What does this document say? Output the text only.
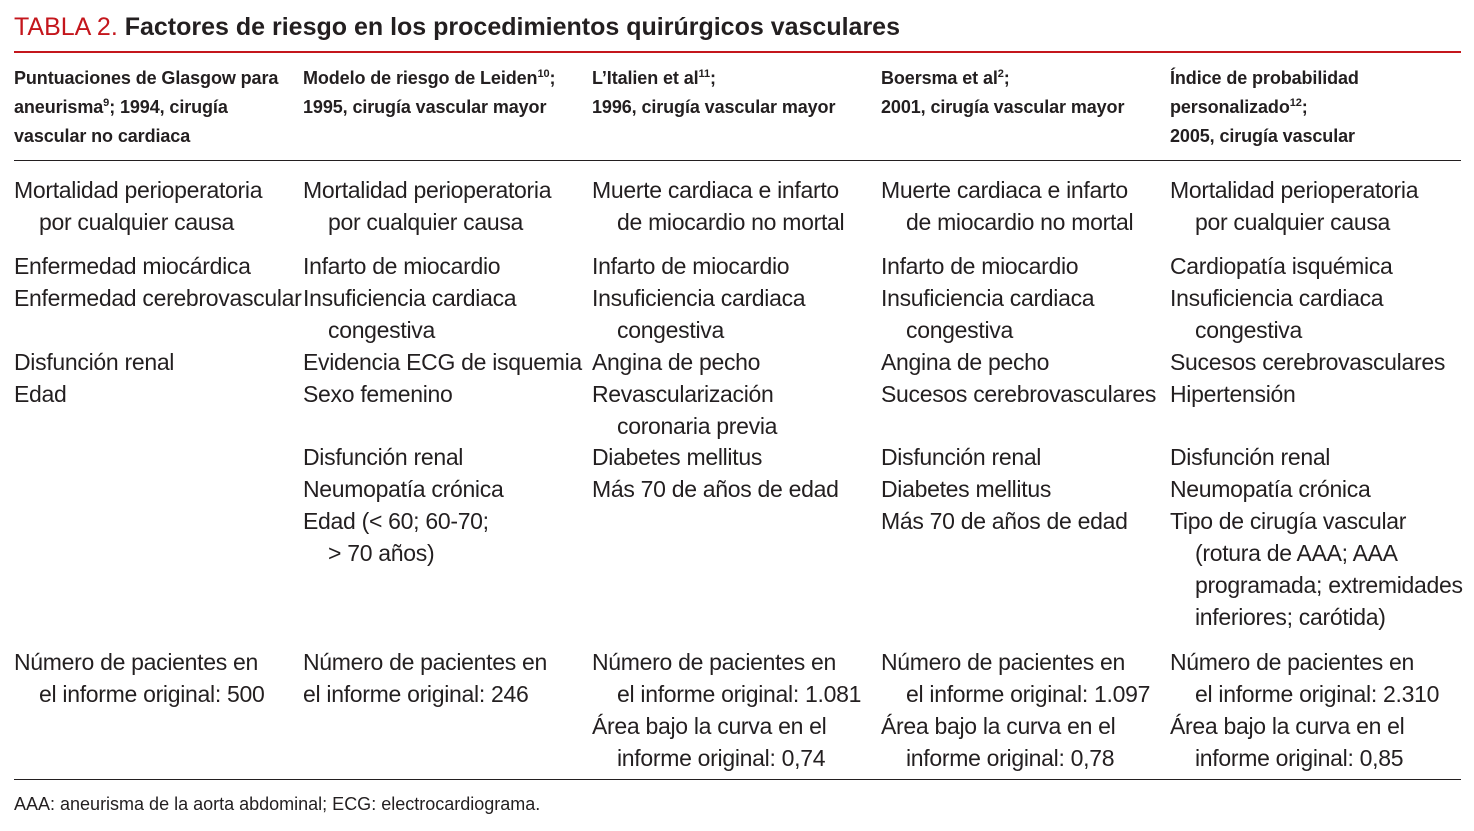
TABLA 2. Factores de riesgo en los procedimientos quirúrgicos vasculares
Puntuaciones de Glasgow para
aneurisma$^9$; 1994, cirugía
vascular no cardiaca
Modelo de riesgo de Leiden$^{10}$;
1995, cirugía vascular mayor
L’Italien et $al^{11}$;
1996, cirugía vascular mayor
Boersma et $al^2$;
2001, cirugía vascular mayor
Índice de probabilidad
personalizado$^{12}$;
2005, cirugía vascular
Mortalidad perioperatoria
por cualquier causa
Mortalidad perioperatoria
por cualquier causa
Muerte cardiaca e infarto
de miocardio no mortal
Muerte cardiaca e infarto
de miocardio no mortal
Mortalidad perioperatoria
por cualquier causa
Enfermedad miocárdica
Enfermedad cerebrovascular

Disfunción renal
Edad
Infarto de miocardio
Insuficiencia cardiaca
congestiva
Evidencia ECG de isquemia
Sexo femenino
Infarto de miocardio
Insuficiencia cardiaca
congestiva
Angina de pecho
Revascularización
coronaria previa
Infarto de miocardio
Insuficiencia cardiaca
congestiva
Angina de pecho
Sucesos cerebrovasculares
Cardiopatía isquémica
Insuficiencia cardiaca
congestiva
Sucesos cerebrovasculares
Hipertensión
Disfunción renal
Neumopatía crónica
Edad (< 60; 60-70;
> 70 años)
Diabetes mellitus
Más 70 de años de edad
Disfunción renal
Diabetes mellitus
Más 70 de años de edad
Disfunción renal
Neumopatía crónica
Tipo de cirugía vascular
(rotura de AAA; AAA
programada; extremidades
inferiores; carótida)
Número de pacientes en
el informe original: 500
Número de pacientes en
el informe original: 246
Número de pacientes en
el informe original: 1.081
Área bajo la curva en el
informe original: 0,74
Número de pacientes en
el informe original: 1.097
Área bajo la curva en el
informe original: 0,78
Número de pacientes en
el informe original: 2.310
Área bajo la curva en el
informe original: 0,85
AAA: aneurisma de la aorta abdominal; ECG: electrocardiograma.
